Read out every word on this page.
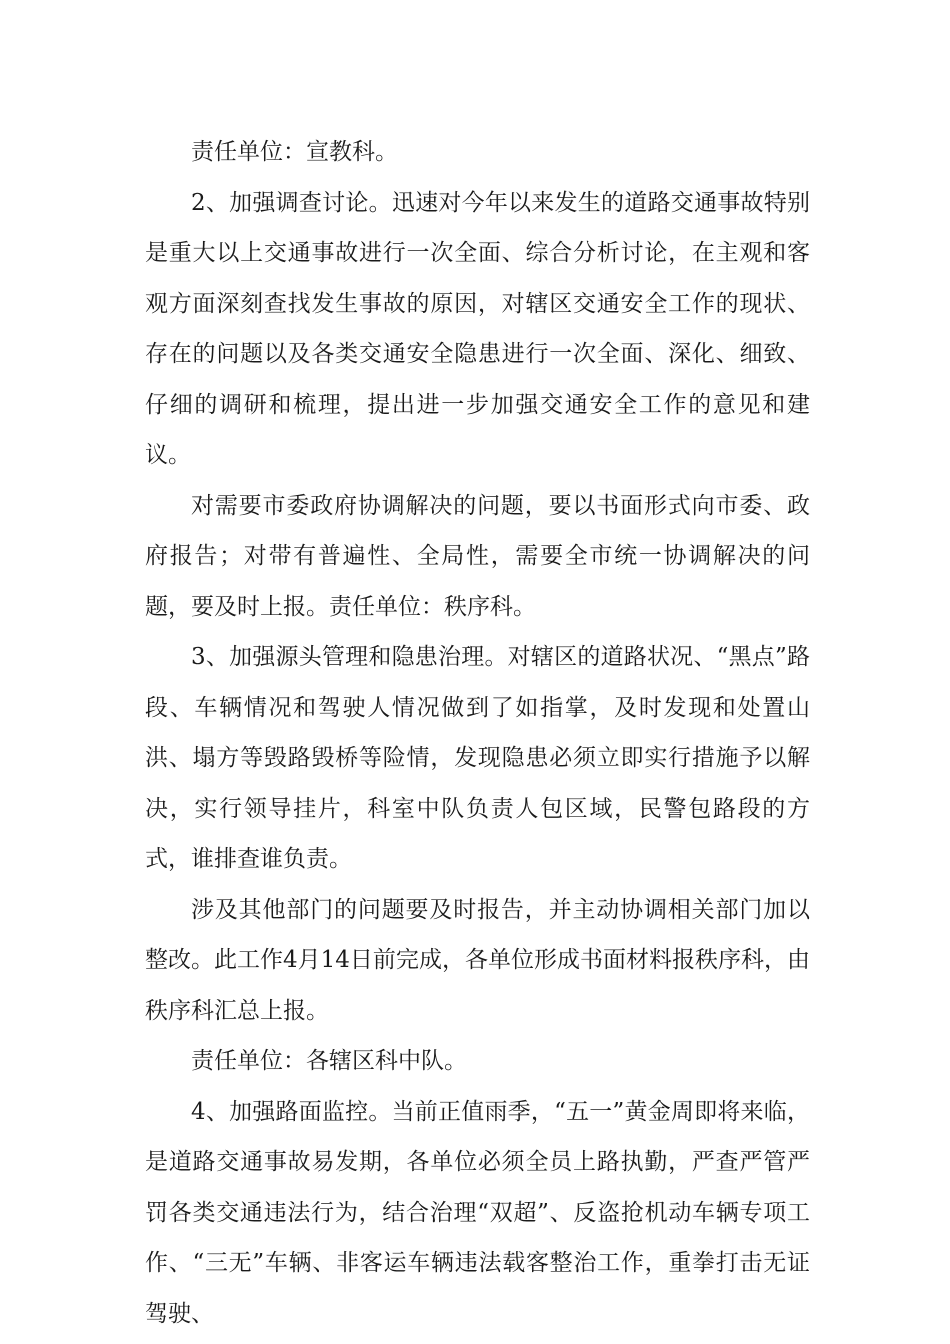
责任单位：宣教科。

2、加强调查讨论。迅速对今年以来发生的道路交通事故特别是重大以上交通事故进行一次全面、综合分析讨论，在主观和客观方面深刻查找发生事故的原因，对辖区交通安全工作的现状、存在的问题以及各类交通安全隐患进行一次全面、深化、细致、仔细的调研和梳理，提出进一步加强交通安全工作的意见和建议。

对需要市委政府协调解决的问题，要以书面形式向市委、政府报告；对带有普遍性、全局性，需要全市统一协调解决的问题，要及时上报。责任单位：秩序科。

3、加强源头管理和隐患治理。对辖区的道路状况、“黑点”路段、车辆情况和驾驶人情况做到了如指掌，及时发现和处置山洪、塌方等毁路毁桥等险情，发现隐患必须立即实行措施予以解决，实行领导挂片，科室中队负责人包区域，民警包路段的方式，谁排查谁负责。

涉及其他部门的问题要及时报告，并主动协调相关部门加以整改。此工作4月14日前完成，各单位形成书面材料报秩序科，由秩序科汇总上报。

责任单位：各辖区科中队。

4、加强路面监控。当前正值雨季，“五一”黄金周即将来临，是道路交通事故易发期，各单位必须全员上路执勤，严查严管严罚各类交通违法行为，结合治理“双超”、反盗抢机动车辆专项工作、“三无”车辆、非客运车辆违法载客整治工作，重拳打击无证驾驶、
